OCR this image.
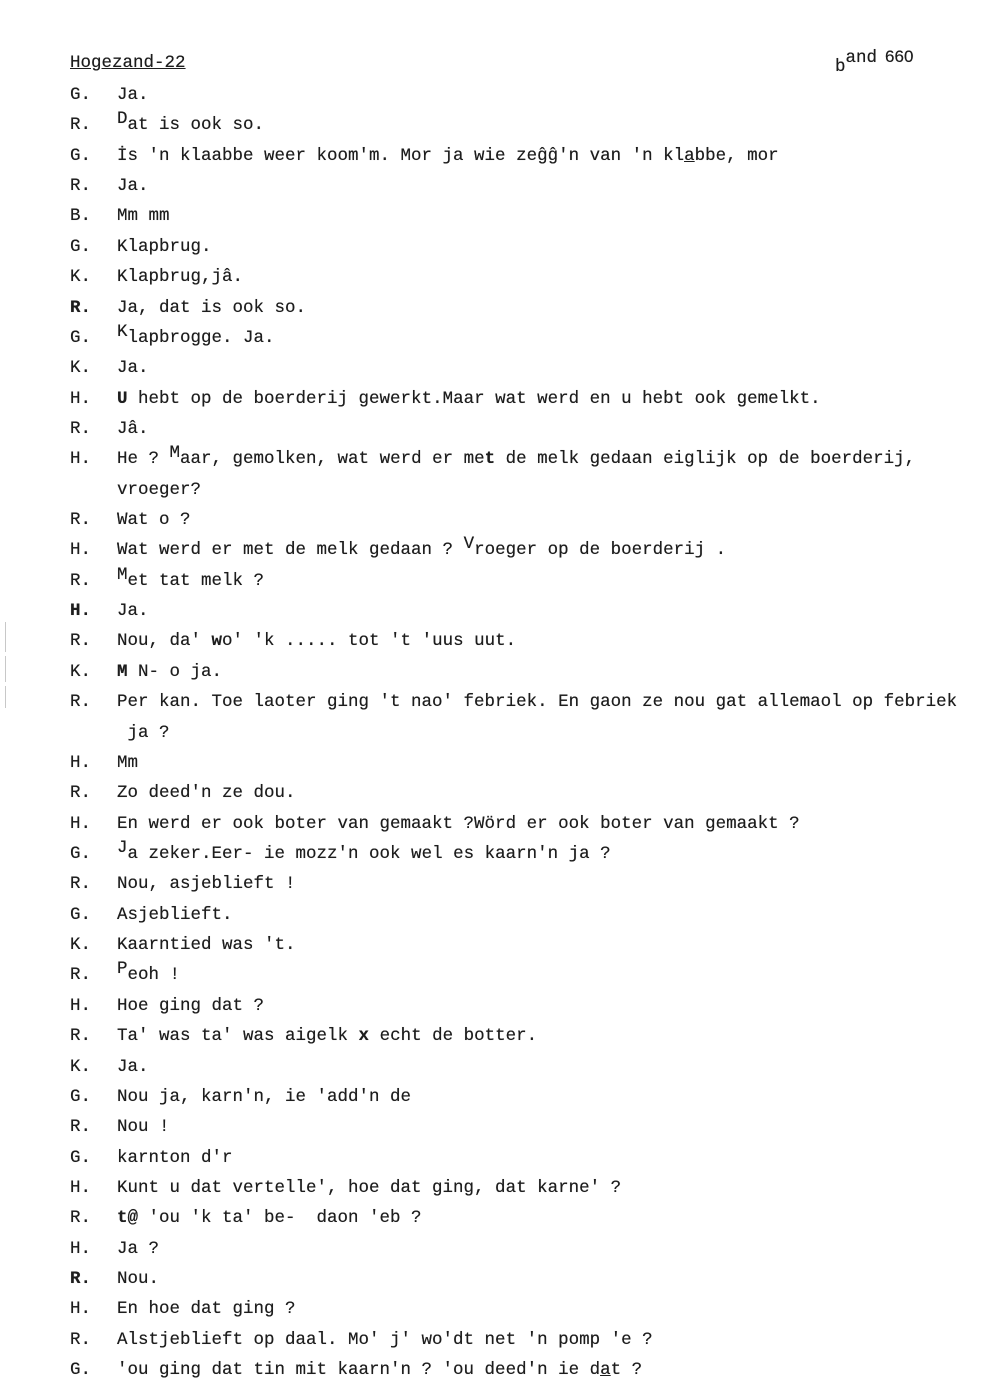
Hogezand-22	band 660
G. Ja.
R. Dat is ook so.
G. İs 'n klaabbe weer koom'm. Mor ja wie zeĝĝ'n van 'n klabbe, mor
R. Ja.
B. Mm mm
G. Klapbrug.
K. Klapbrug,jâ.
R. Ja, dat is ook so.
G. Klapbrogge. Ja.
K. Ja.
H. U hebt op de boerderij gewerkt.Maar wat werd en u hebt ook gemelkt.
R. Jâ.
H. He ? Maar, gemolken, wat werd er met de melk gedaan eiglijk op de boerderij,
vroeger?
R. Wat o ?
H. Wat werd er met de melk gedaan ? Vroeger op de boerderij .
R. Met tat melk ?
H. Ja.
R. Nou, da' wo' 'k ..... tot 't 'uus uut.
K. M N- o ja.
R. Per kan. Toe laoter ging 't nao' febriek. En gaon ze nou gat allemaol op febriek
ja ?
H. Mm
R. Zo deed'n ze dou.
H. En werd er ook boter van gemaakt ?Wörd er ook boter van gemaakt ?
G. Ja zeker.Eer- ie mozz'n ook wel es kaarn'n ja ?
R. Nou, asjeblieft !
G. Asjeblieft.
K. Kaarntied was 't.
R. Peoh !
H. Hoe ging dat ?
R. Ta' was ta' was aigelk x echt de botter.
K. Ja.
G. Nou ja, karn'n, ie 'add'n de
R. Nou !
G. karnton d'r
H. Kunt u dat vertelle', hoe dat ging, dat karne' ?
R. t@ 'ou 'k ta' be-  daon 'eb ?
H. Ja ?
R. Nou.
H. En hoe dat ging ?
R. Alstjeblieft op daal. Mo' j' wo'dt net 'n pomp 'e ?
G. 'ou ging dat tin mit kaarn'n ? 'ou deed'n ie dat ?
